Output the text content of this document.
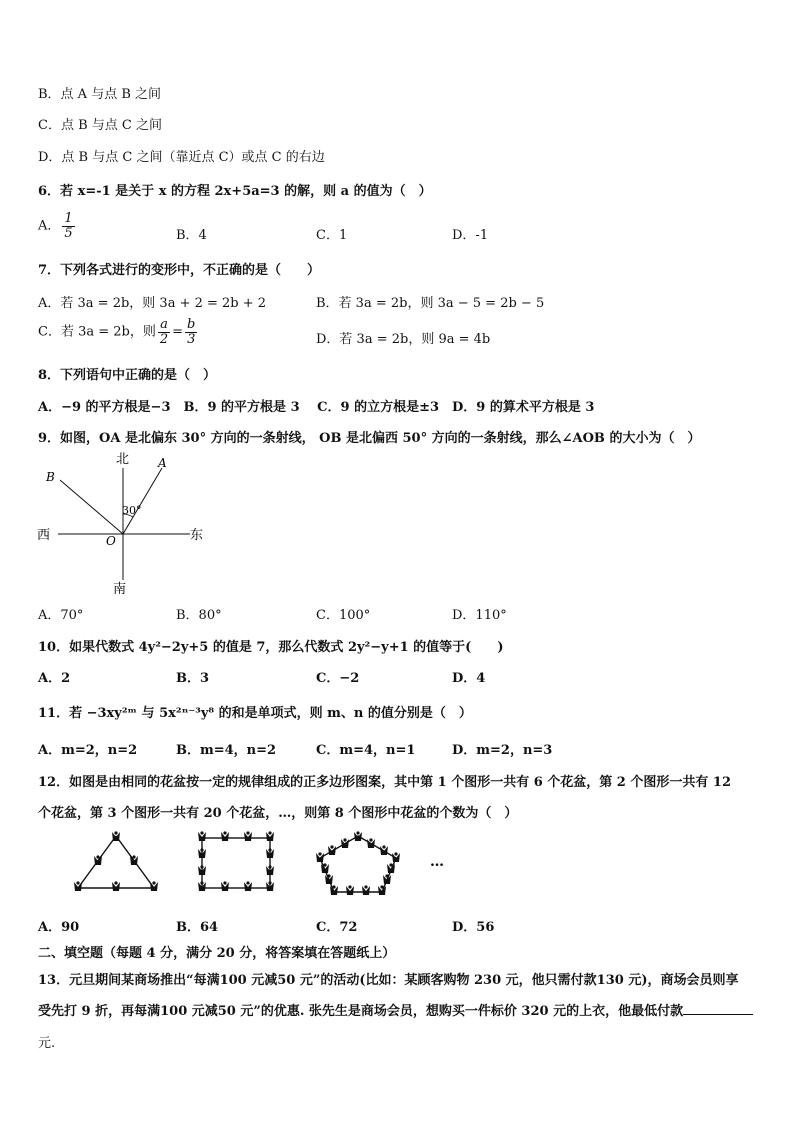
B．点 A 与点 B 之间
C．点 B 与点 C 之间
D．点 B 与点 C 之间（靠近点 C）或点 C 的右边
6．若 x=-1 是关于 x 的方程 2x+5a=3 的解，则 a 的值为（　）
A． $\frac{1}{5}$	B．4	C．1	D．-1
7．下列各式进行的变形中，不正确的是（　　）
A．若 3a = 2b，则 3a + 2 = 2b + 2	B．若 3a = 2b，则 3a − 5 = 2b − 5
C．若 3a = 2b，则 $\frac{a}{2} = \frac{b}{3}$	D．若 3a = 2b，则 9a = 4b
8．下列语句中正确的是（　）
A．−9 的平方根是−3　B．9 的平方根是 3　 C．9 的立方根是±3　D．9 的算术平方根是 3
9．如图，OA 是北偏东 30° 方向的一条射线， OB 是北偏西 50° 方向的一条射线，那么∠AOB 的大小为（　）
北
南
西	东
A
B
O
30°
A．70°	B．80°	C．100°	D．110°
10．如果代数式 4y²−2y+5 的值是 7，那么代数式 2y²−y+1 的值等于(　　)
A．2	B．3	C．−2	D．4
11．若 −3xy²ᵐ 与 5x²ⁿ⁻³y⁸ 的和是单项式，则 m、n 的值分别是（　）
A．m=2，n=2	B．m=4，n=2	C．m=4，n=1	D．m=2，n=3
12．如图是由相同的花盆按一定的规律组成的正多边形图案，其中第 1 个图形一共有 6 个花盆，第 2 个图形一共有 12
个花盆，第 3 个图形一共有 20 个花盆，…，则第 8 个图形中花盆的个数为（　）
…
A．90	B．64	C．72	D．56
二、填空题（每题 4 分，满分 20 分，将答案填在答题纸上）
13．元旦期间某商场推出“每满100 元减50 元”的活动(比如：某顾客购物 230 元，他只需付款130 元)，商场会员则享
受先打 9 折，再每满100 元减50 元”的优惠. 张先生是商场会员，想购买一件标价 320 元的上衣，他最低付款
元.
